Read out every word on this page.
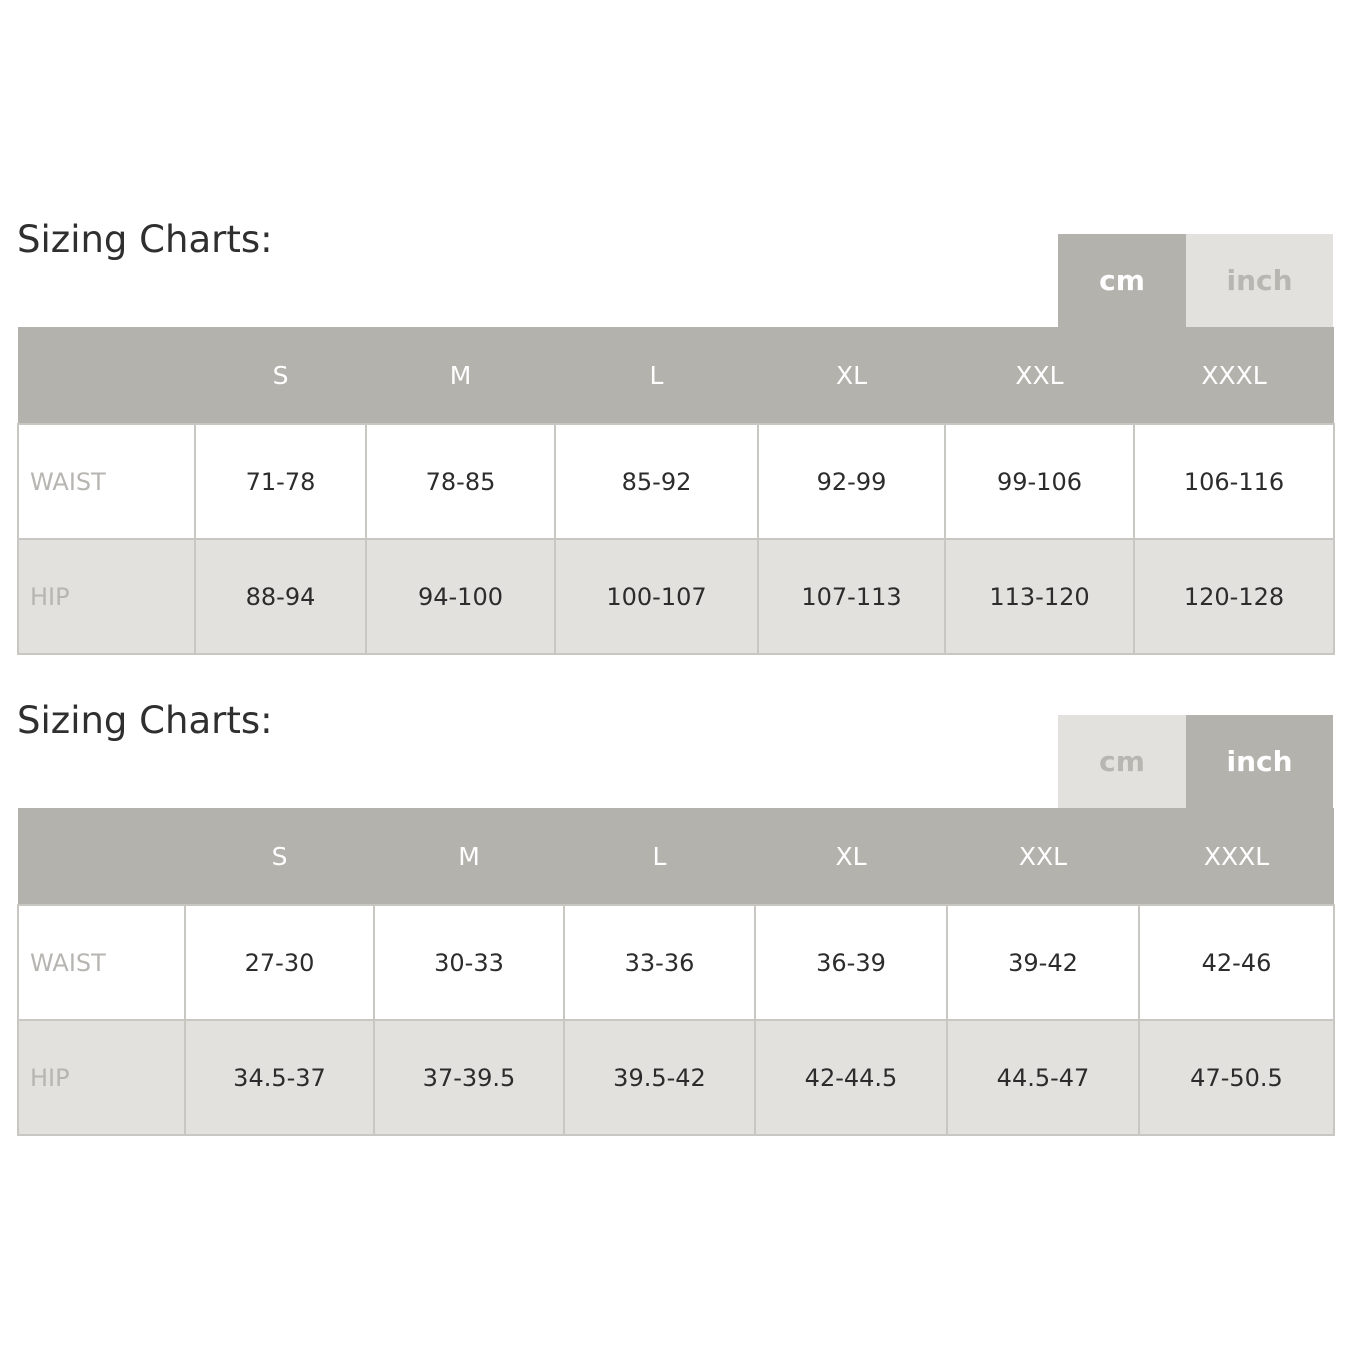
Sizing Charts:
cm	inch
	S	M	L	XL	XXL	XXXL
WAIST	71-78	78-85	85-92	92-99	99-106	106-116
HIP	88-94	94-100	100-107	107-113	113-120	120-128
Sizing Charts:
cm	inch
	S	M	L	XL	XXL	XXXL
WAIST	27-30	30-33	33-36	36-39	39-42	42-46
HIP	34.5-37	37-39.5	39.5-42	42-44.5	44.5-47	47-50.5
